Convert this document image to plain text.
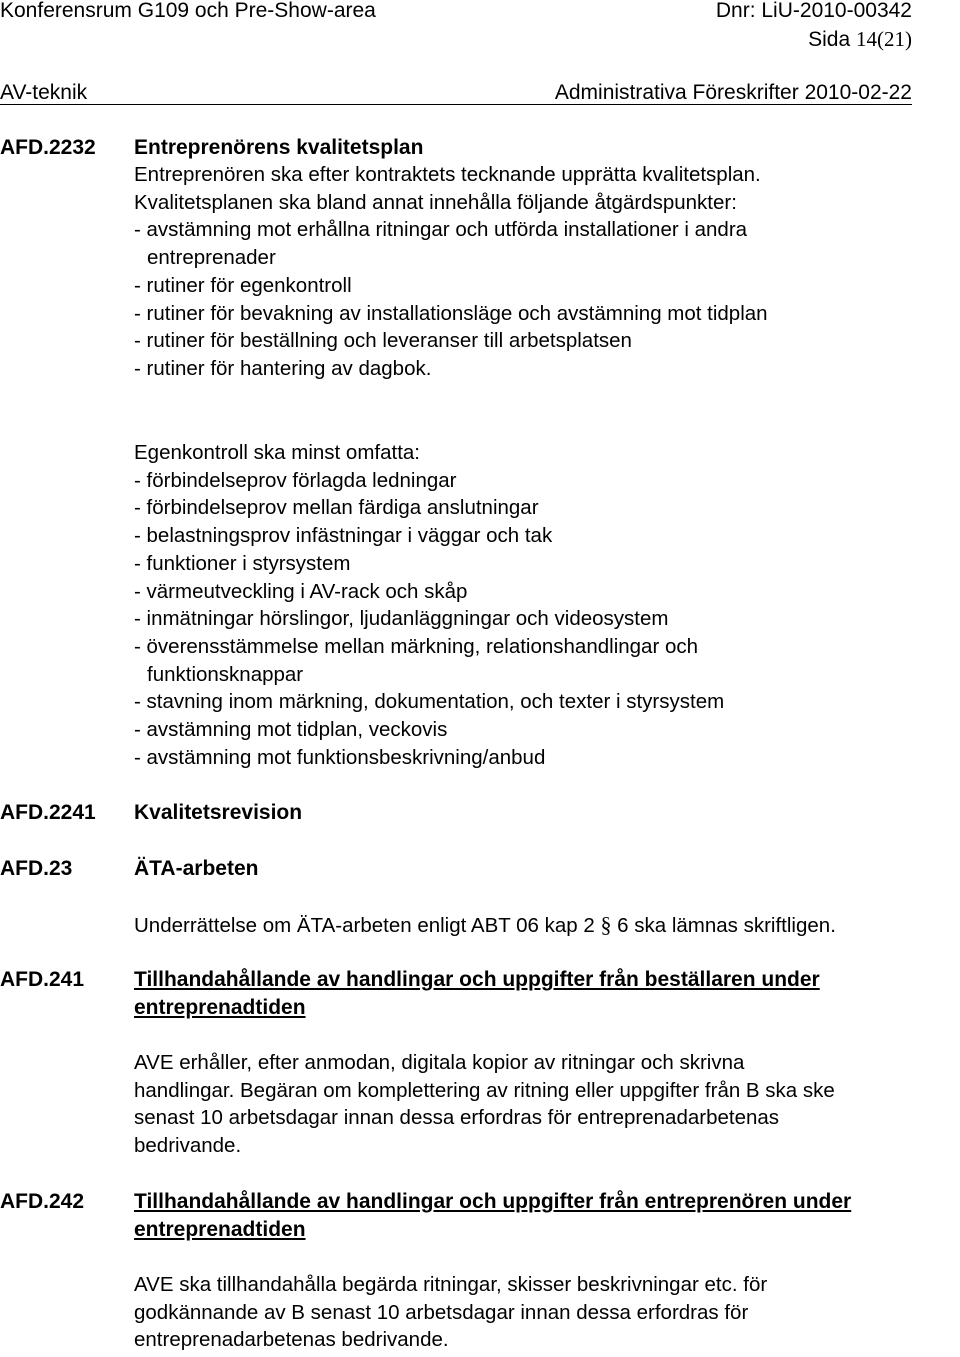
Konferensrum G109 och Pre-Show-area	Dnr: LiU-2010-00342
Sida 14(21)
AV-teknik	Administrativa Föreskrifter 2010-02-22
AFD.2232 Entreprenörens kvalitetsplan
Entreprenören ska efter kontraktets tecknande upprätta kvalitetsplan.
Kvalitetsplanen ska bland annat innehålla följande åtgärdspunkter:
- avstämning mot erhållna ritningar och utförda installationer i andra
entreprenader
- rutiner för egenkontroll
- rutiner för bevakning av installationsläge och avstämning mot tidplan
- rutiner för beställning och leveranser till arbetsplatsen
- rutiner för hantering av dagbok.
Egenkontroll ska minst omfatta:
- förbindelseprov förlagda ledningar
- förbindelseprov mellan färdiga anslutningar
- belastningsprov infästningar i väggar och tak
- funktioner i styrsystem
- värmeutveckling i AV-rack och skåp
- inmätningar hörslingor, ljudanläggningar och videosystem
- överensstämmelse mellan märkning, relationshandlingar och
funktionsknappar
- stavning inom märkning, dokumentation, och texter i styrsystem
- avstämning mot tidplan, veckovis
- avstämning mot funktionsbeskrivning/anbud
AFD.2241 Kvalitetsrevision
AFD.23	ÄTA-arbeten
Underrättelse om ÄTA-arbeten enligt ABT 06 kap 2 § 6 ska lämnas skriftligen.
AFD.241 Tillhandahållande av handlingar och uppgifter från beställaren under
entreprenadtiden
AVE erhåller, efter anmodan, digitala kopior av ritningar och skrivna
handlingar. Begäran om komplettering av ritning eller uppgifter från B ska ske
senast 10 arbetsdagar innan dessa erfordras för entreprenadarbetenas
bedrivande.
AFD.242 Tillhandahållande av handlingar och uppgifter från entreprenören under
entreprenadtiden
AVE ska tillhandahålla begärda ritningar, skisser beskrivningar etc. för
godkännande av B senast 10 arbetsdagar innan dessa erfordras för
entreprenadarbetenas bedrivande.
